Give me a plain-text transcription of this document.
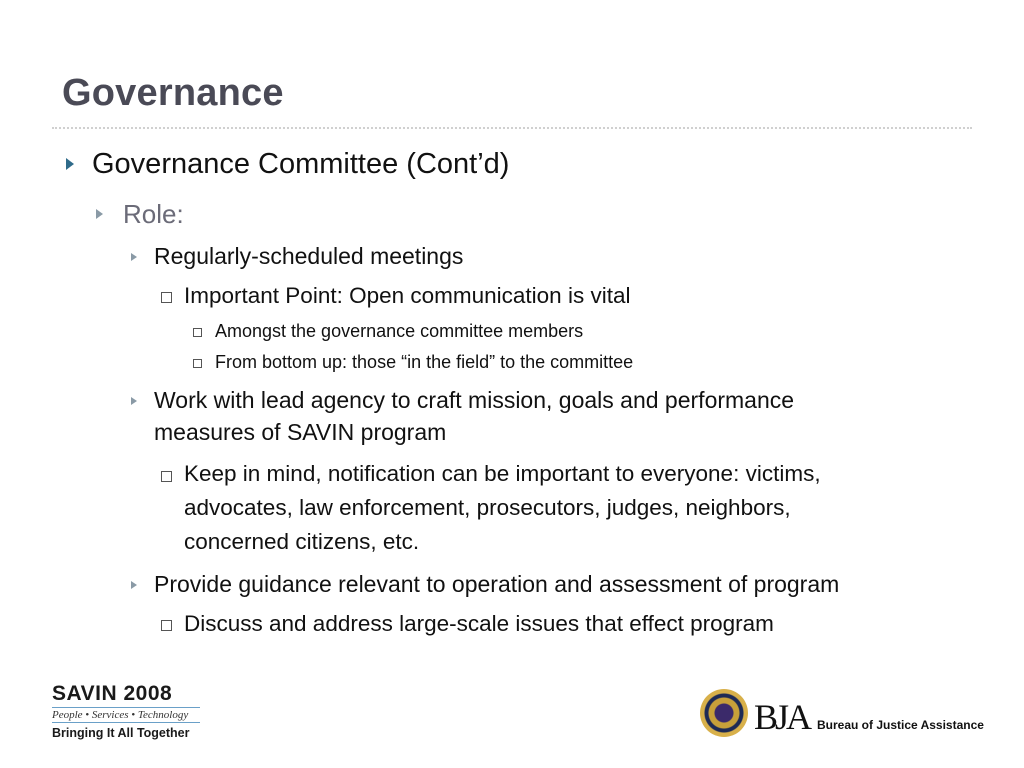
Governance
Governance Committee (Cont’d)
Role:
Regularly-scheduled meetings
Important Point: Open communication is vital
Amongst the governance committee members
From bottom up: those “in the field” to the committee
Work with lead agency to craft mission, goals and performance
measures of SAVIN program
Keep in mind, notification can be important to everyone: victims,
advocates, law enforcement, prosecutors, judges, neighbors,
concerned citizens, etc.
Provide guidance relevant to operation and assessment of program
Discuss and address large-scale issues that effect program
SAVIN 2008
People • Services • Technology
Bringing It All Together	BJA Bureau of Justice Assistance
